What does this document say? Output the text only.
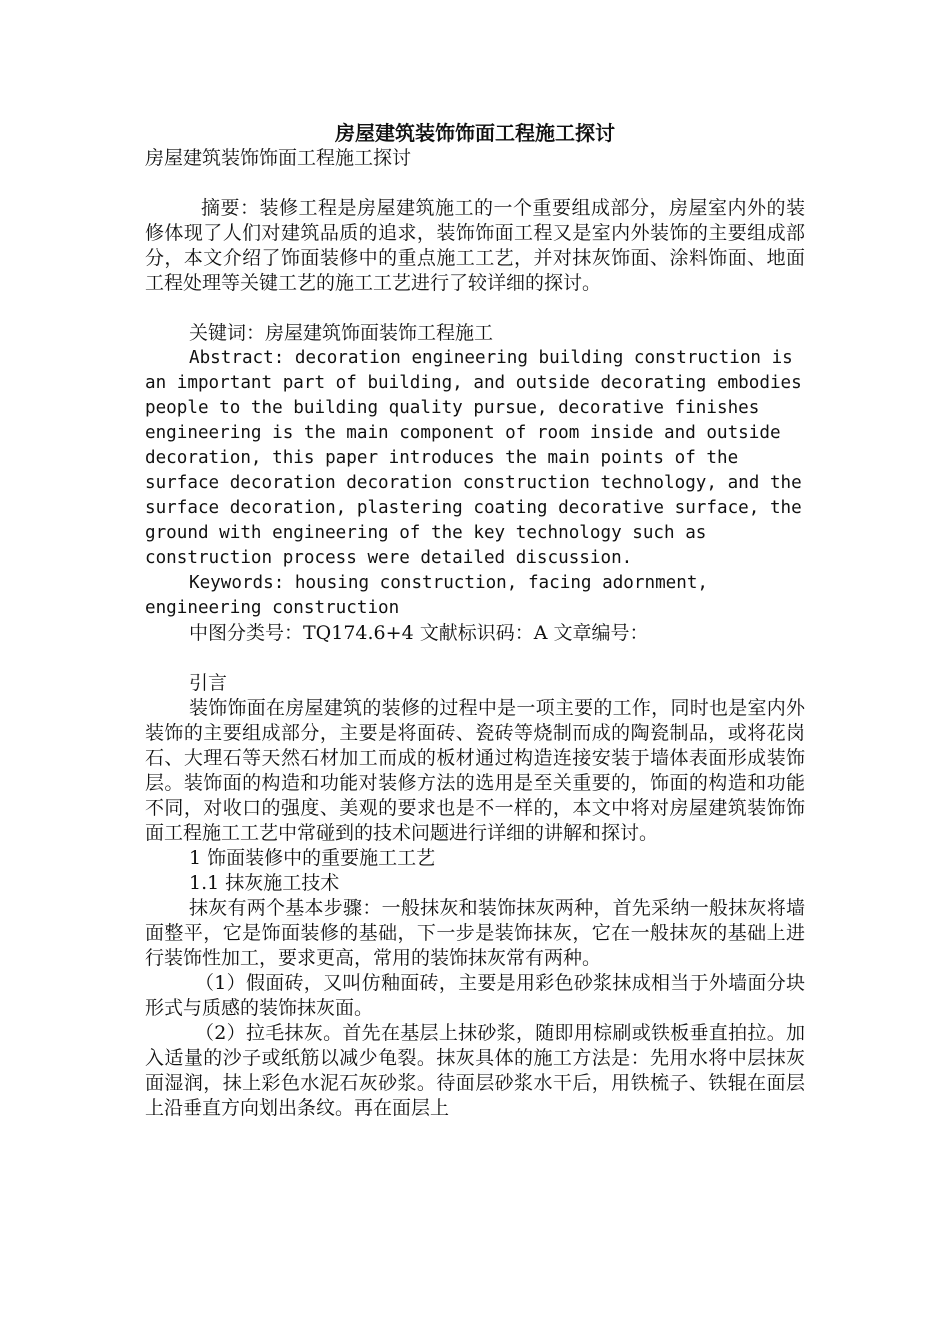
房屋建筑装饰饰面工程施工探讨
房屋建筑装饰饰面工程施工探讨
摘要：装修工程是房屋建筑施工的一个重要组成部分，房屋室内外的装修体现了人们对建筑品质的追求，装饰饰面工程又是室内外装饰的主要组成部分，本文介绍了饰面装修中的重点施工工艺，并对抹灰饰面、涂料饰面、地面工程处理等关键工艺的施工工艺进行了较详细的探讨。
关键词：房屋建筑饰面装饰工程施工
Abstract: decoration engineering building construction is an important part of building, and outside decorating embodies people to the building quality pursue, decorative finishes engineering is the main component of room inside and outside decoration, this paper introduces the main points of the surface decoration decoration construction technology, and the surface decoration, plastering coating decorative surface, the ground with engineering of the key technology such as construction process were detailed discussion.
Keywords: housing construction, facing adornment, engineering construction
中图分类号：TQ174.6+4 文献标识码：A 文章编号：
引言
装饰饰面在房屋建筑的装修的过程中是一项主要的工作，同时也是室内外装饰的主要组成部分，主要是将面砖、瓷砖等烧制而成的陶瓷制品，或将花岗石、大理石等天然石材加工而成的板材通过构造连接安装于墙体表面形成装饰层。装饰面的构造和功能对装修方法的选用是至关重要的，饰面的构造和功能不同，对收口的强度、美观的要求也是不一样的，本文中将对房屋建筑装饰饰面工程施工工艺中常碰到的技术问题进行详细的讲解和探讨。
1 饰面装修中的重要施工工艺
1.1 抹灰施工技术
抹灰有两个基本步骤：一般抹灰和装饰抹灰两种，首先采纳一般抹灰将墙面整平，它是饰面装修的基础，下一步是装饰抹灰，它在一般抹灰的基础上进行装饰性加工，要求更高，常用的装饰抹灰常有两种。
（1）假面砖，又叫仿釉面砖，主要是用彩色砂浆抹成相当于外墙面分块形式与质感的装饰抹灰面。
（2）拉毛抹灰。首先在基层上抹砂浆，随即用棕刷或铁板垂直拍拉。加入适量的沙子或纸筋以减少龟裂。抹灰具体的施工方法是：先用水将中层抹灰面湿润，抹上彩色水泥石灰砂浆。待面层砂浆水干后，用铁梳子、铁辊在面层上沿垂直方向划出条纹。再在面层上
